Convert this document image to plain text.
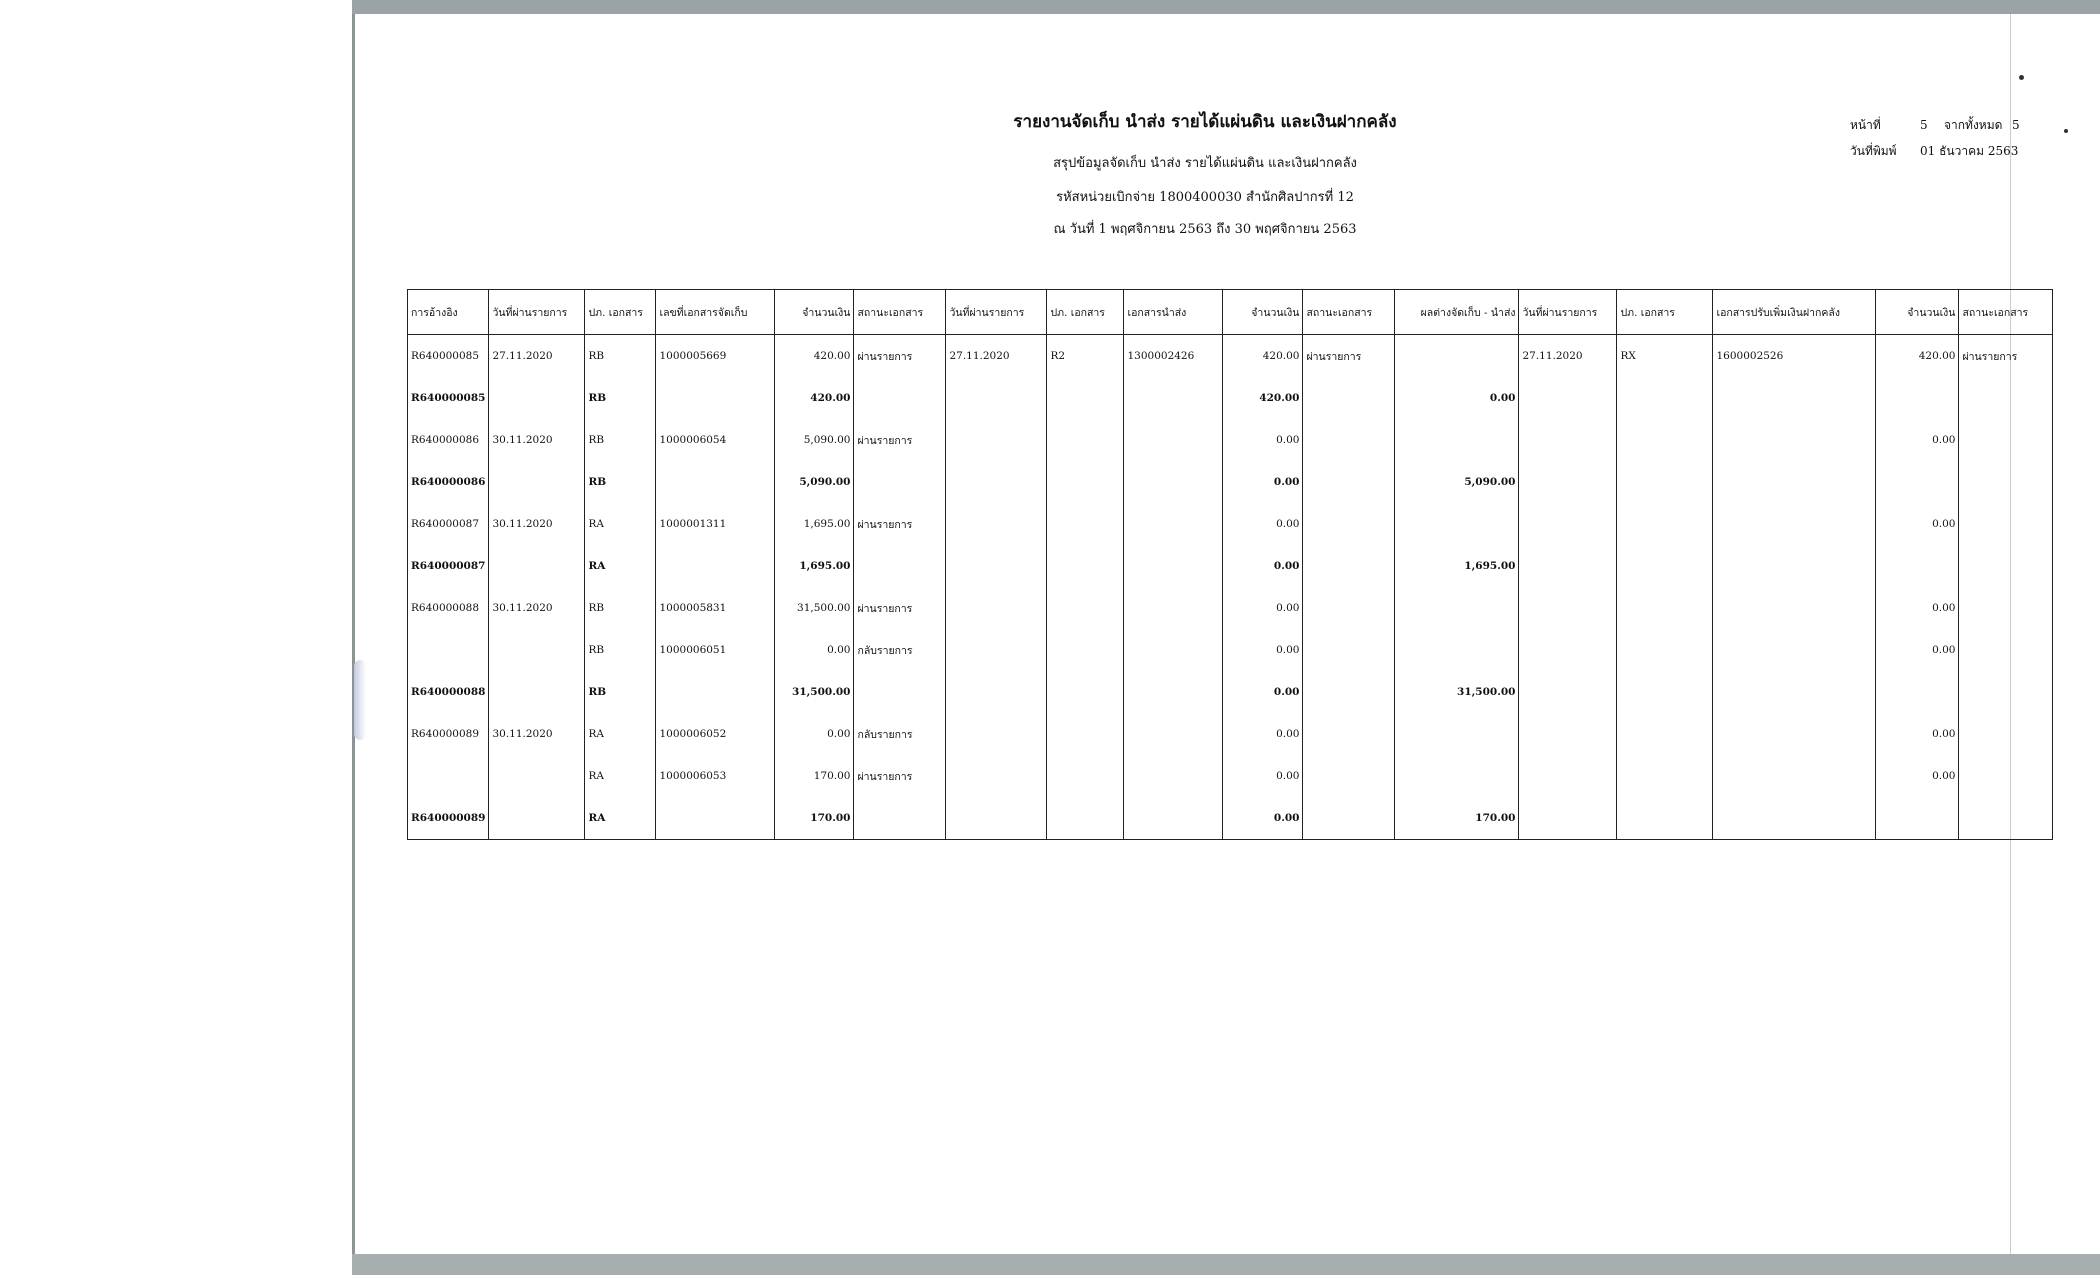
รายงานจัดเก็บ นำส่ง รายได้แผ่นดิน และเงินฝากคลัง
สรุปข้อมูลจัดเก็บ นำส่ง รายได้แผ่นดิน และเงินฝากคลัง
รหัสหน่วยเบิกจ่าย 1800400030 สำนักศิลปากรที่ 12
ณ วันที่ 1 พฤศจิกายน 2563 ถึง 30 พฤศจิกายน 2563
หน้าที่	5 จากทั้งหมด 5
วันที่พิมพ์ 01 ธันวาคม 2563
การอ้างอิง	วันที่ผ่านรายการ	ปภ. เอกสาร	เลขที่เอกสารจัดเก็บ	จำนวนเงิน	สถานะเอกสาร	วันที่ผ่านรายการ	ปภ. เอกสาร	เอกสารนำส่ง	จำนวนเงิน	สถานะเอกสาร	ผลต่างจัดเก็บ - นำส่ง	วันที่ผ่านรายการ	ปภ. เอกสาร	เอกสารปรับเพิ่มเงินฝากคลัง	จำนวนเงิน	สถานะเอกสาร
R640000085	27.11.2020	RB	1000005669	420.00	ผ่านรายการ	27.11.2020	R2	1300002426	420.00	ผ่านรายการ		27.11.2020	RX	1600002526	420.00	ผ่านรายการ
R640000085		RB		420.00					420.00		0.00					
R640000086	30.11.2020	RB	1000006054	5,090.00	ผ่านรายการ				0.00						0.00	
R640000086		RB		5,090.00					0.00		5,090.00					
R640000087	30.11.2020	RA	1000001311	1,695.00	ผ่านรายการ				0.00						0.00	
R640000087		RA		1,695.00					0.00		1,695.00					
R640000088	30.11.2020	RB	1000005831	31,500.00	ผ่านรายการ				0.00						0.00	
		RB	1000006051	0.00	กลับรายการ				0.00						0.00	
R640000088		RB		31,500.00					0.00		31,500.00					
R640000089	30.11.2020	RA	1000006052	0.00	กลับรายการ				0.00						0.00	
		RA	1000006053	170.00	ผ่านรายการ				0.00						0.00	
R640000089		RA		170.00					0.00		170.00					
